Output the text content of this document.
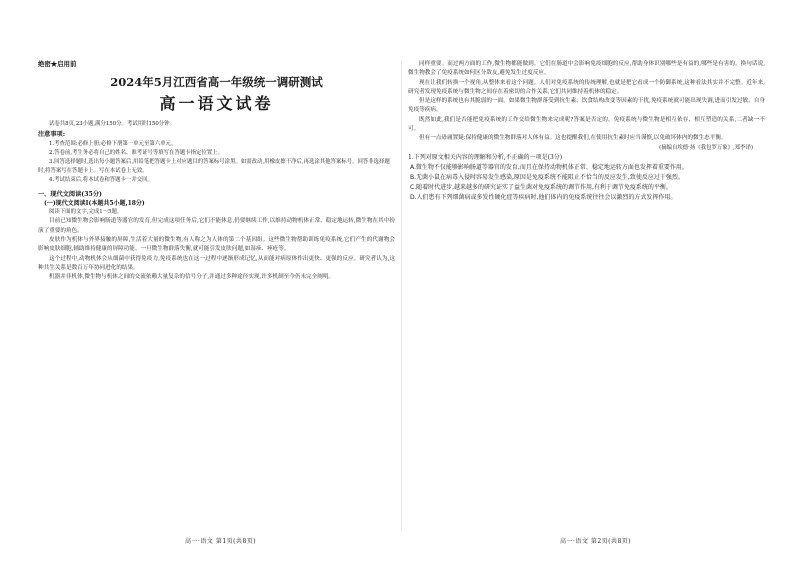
绝密★启用前
2024年5月江西省高一年级统一调研测试
高一语文试卷
试卷共8页,23小题,满分150分。考试用时150分钟。
注意事项:
1.考查范围:必修上册;必修下册第一单元至第六单元。
2.答卷前,考生务必将自己的姓名、准考证号等填写在答题卡指定位置上。
3.回答选择题时,选出每小题答案后,用铅笔把答题卡上对应题目的答案标号涂黑。如需改动,用橡皮擦干净后,再选涂其他答案标号。回答非选择题时,将答案写在答题卡上。写在本试卷上无效。
4.考试结束后,将本试卷和答题卡一并交回。
一、现代文阅读(35分)
(一)现代文阅读Ⅰ(本题共5小题,18分)
阅读下面的文字,完成1～5题。

目前已知微生物会影响肠道等器官的发育,但完成这项任务后,它们不能休息,仍要继续工作,以维持动物机体正常、稳定地运转,微生物在其中扮演了重要的角色。

皮肤作为机体与外界接触的屏障,生活着大量的微生物,有人称之为人体的第二个基因组。这些微生物帮助训练免疫系统,它们产生的代谢物会影响皮肤细胞,辅助维持健康的屏障功能。一旦微生物群落失衡,就可能引发皮肤问题,如湿疹、痤疮等。

这个过程中,动物机体会从细菌中获得免疫力,免疫系统也在这一过程中逐渐形成记忆,从而能对病原体作出更快、更强的反应。研究者认为,这种共生关系是数百万年协同进化的结果。

机器并非机体,微生物与机体之间的交流依赖大量复杂的信号分子,并通过多种途径实现,许多机制至今仍未完全阐明。

同样重要。而过两方面的工作,微生物都能做到。它们在肠道中会影响免疫细胞的反应,帮助身体识别哪些是有益的,哪些是有害的。换句话说,微生物教会了免疫系统如何区分敌友,避免发生过度反应。

现在让我们转换一个视角,从整体来看这个问题。人们对免疫系统的传统理解,也就是把它看成一个防御系统,这种看法其实并不完整。近年来,研究者发现免疫系统与微生物之间存在着密切的合作关系,它们共同维持着机体的稳定。

但是这样的系统也有其脆弱的一面。如果微生物群落受到抗生素、饮食结构改变等因素的干扰,免疫系统就可能出现失调,进而引发过敏、自身免疫等疾病。

既然如此,我们是否能把免疫系统的工作交给微生物来完成呢?答案是否定的。免疫系统与微生物是相互依存、相互塑造的关系,二者缺一不可。

但有一点毋庸置疑:保持健康的微生物群落对人体有益。这也提醒我们,在使用抗生素时应当谨慎,以免破坏体内的微生态平衡。

(摘编自埃德·扬《我包罗万象》,郑李译)
1.下列对原文相关内容的理解和分析,不正确的一项是(3分)
A.微生物不仅能够影响肠道等器官的发育,而且在保持动物机体正常、稳定地运转方面也发挥着重要作用。
B.无菌小鼠在病毒入侵时容易发生感染,原因是免疫系统不能阻止不恰当的反应发生,致使反应过于强烈。
C.随着时代进步,越来越多的研究证实了益生菌对免疫系统的调节作用,有利于调节免疫系统的平衡。
D.人们患有下列细菌病或多发性硬化症等疾病时,他们体内的免疫系统往往会以激烈的方式发挥作用。
高一·语文 第1页(共8页)	高一·语文 第2页(共8页)
